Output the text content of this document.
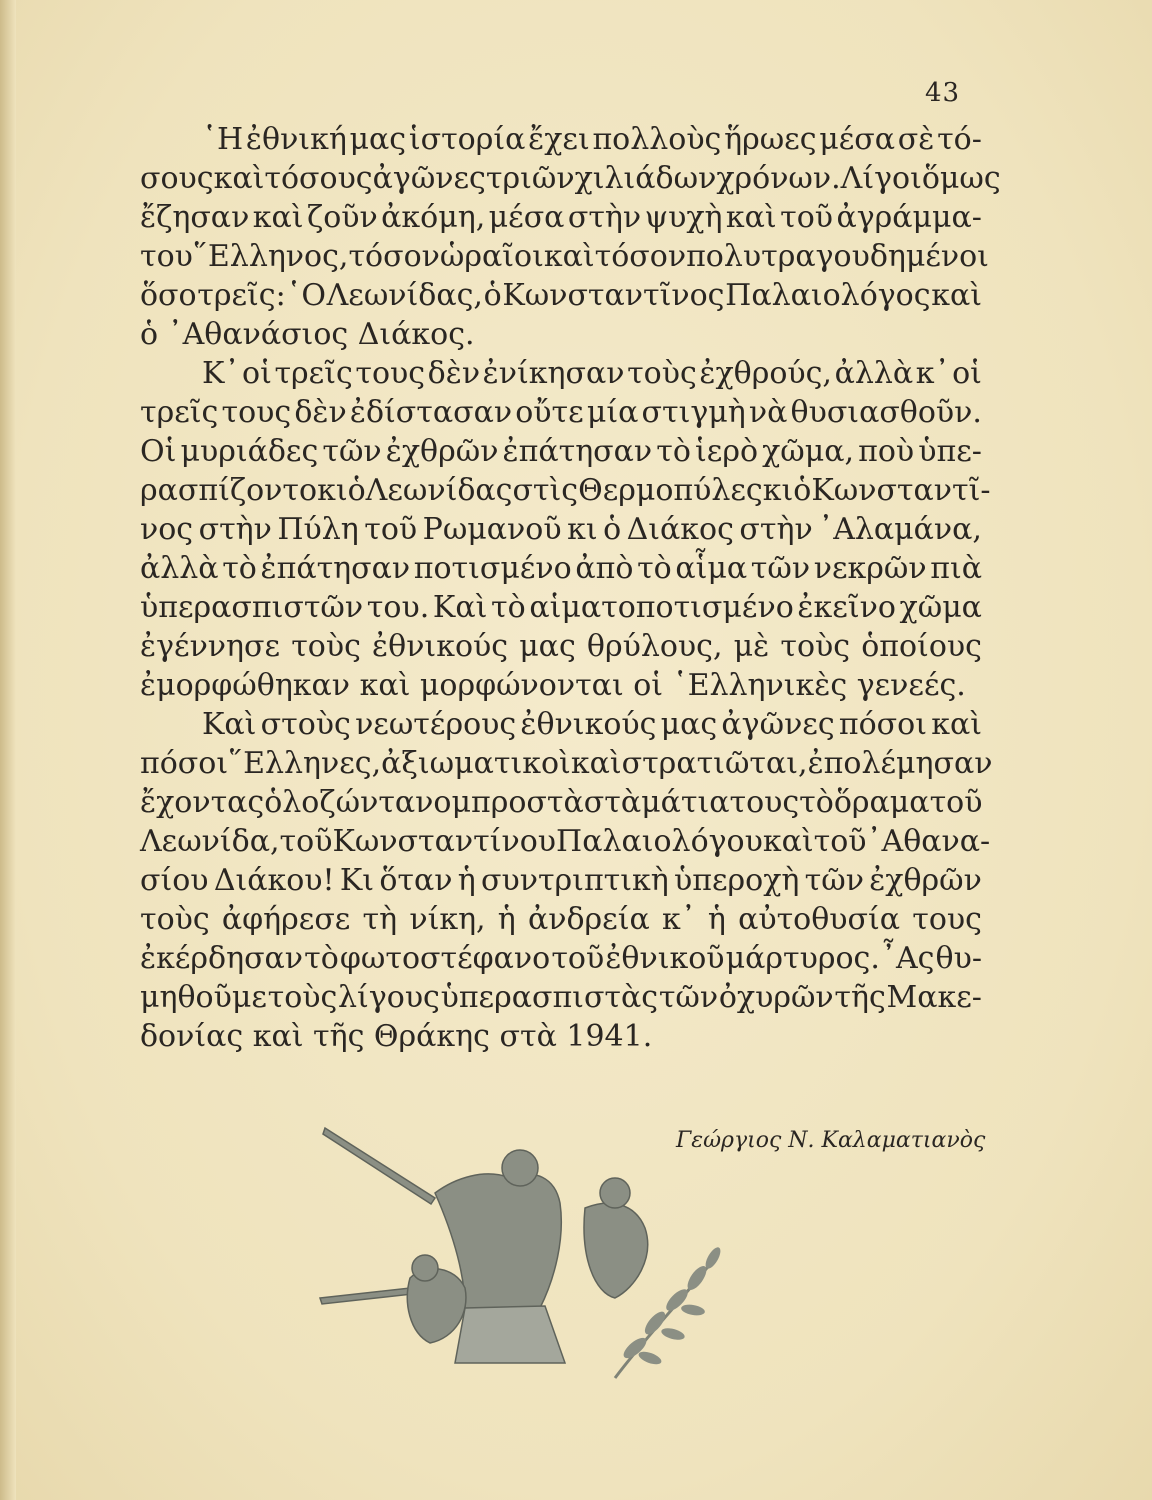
43
῾Η ἐθνική μας ἱστορία ἔχει πολλοὺς ἥρωες μέσα σὲ τό-
σους καὶ τόσους ἀγῶνες τριῶν χιλιάδων χρόνων. Λίγοι ὅμως
ἔζησαν καὶ ζοῦν ἀκόμη, μέσα στὴν ψυχὴ καὶ τοῦ ἀγράμμα-
του ῞Ελληνος, τόσον ὡραῖοι καὶ τόσον πολυτραγουδημένοι
ὅσο τρεῖς: ῾Ο Λεωνίδας, ὁ Κωνσταντῖνος Παλαιολόγος καὶ
ὁ ᾿Αθανάσιος Διάκος.
Κ᾿ οἱ τρεῖς τους δὲν ἐνίκησαν τοὺς ἐχθρούς, ἀλλὰ κ᾿ οἱ
τρεῖς τους δὲν ἐδίστασαν οὔτε μία στιγμὴ νὰ θυσιασθοῦν.
Οἱ μυριάδες τῶν ἐχθρῶν ἐπάτησαν τὸ ἱερὸ χῶμα, ποὺ ὑπε-
ρασπίζοντο κι ὁ Λεωνίδας στὶς Θερμοπύλες κι ὁ Κωνσταντῖ-
νος στὴν Πύλη τοῦ Ρωμανοῦ κι ὁ Διάκος στὴν ᾿Αλαμάνα,
ἀλλὰ τὸ ἐπάτησαν ποτισμένο ἀπὸ τὸ αἷμα τῶν νεκρῶν πιὰ
ὑπερασπιστῶν του. Καὶ τὸ αἱματοποτισμένο ἐκεῖνο χῶμα
ἐγέννησε τοὺς ἐθνικούς μας θρύλους, μὲ τοὺς ὁποίους
ἐμορφώθηκαν καὶ μορφώνονται οἱ ῾Ελληνικὲς γενεές.
Καὶ στοὺς νεωτέρους ἐθνικούς μας ἀγῶνες πόσοι καὶ
πόσοι ῞Ελληνες, ἀξιωματικοὶ καὶ στρατιῶται, ἐπολέμησαν
ἔχοντας ὁλοζώντανο μπροστὰ στὰ μάτια τους τὸ ὅραμα τοῦ
Λεωνίδα, τοῦ Κωνσταντίνου Παλαιολόγου καὶ τοῦ ᾿Αθανα-
σίου Διάκου! Κι ὅταν ἡ συντριπτικὴ ὑπεροχὴ τῶν ἐχθρῶν
τοὺς ἀφήρεσε τὴ νίκη, ἡ ἀνδρεία κ᾿ ἡ αὐτοθυσία τους
ἐκέρδησαν τὸ φωτοστέφανο τοῦ ἐθνικοῦ μάρτυρος. ῏Ας θυ-
μηθοῦμε τοὺς λίγους ὑπερασπιστὰς τῶν ὀχυρῶν τῆς Μακε-
δονίας καὶ τῆς Θράκης στὰ 1941.
Γεώργιος Ν. Καλαματιανὸς
